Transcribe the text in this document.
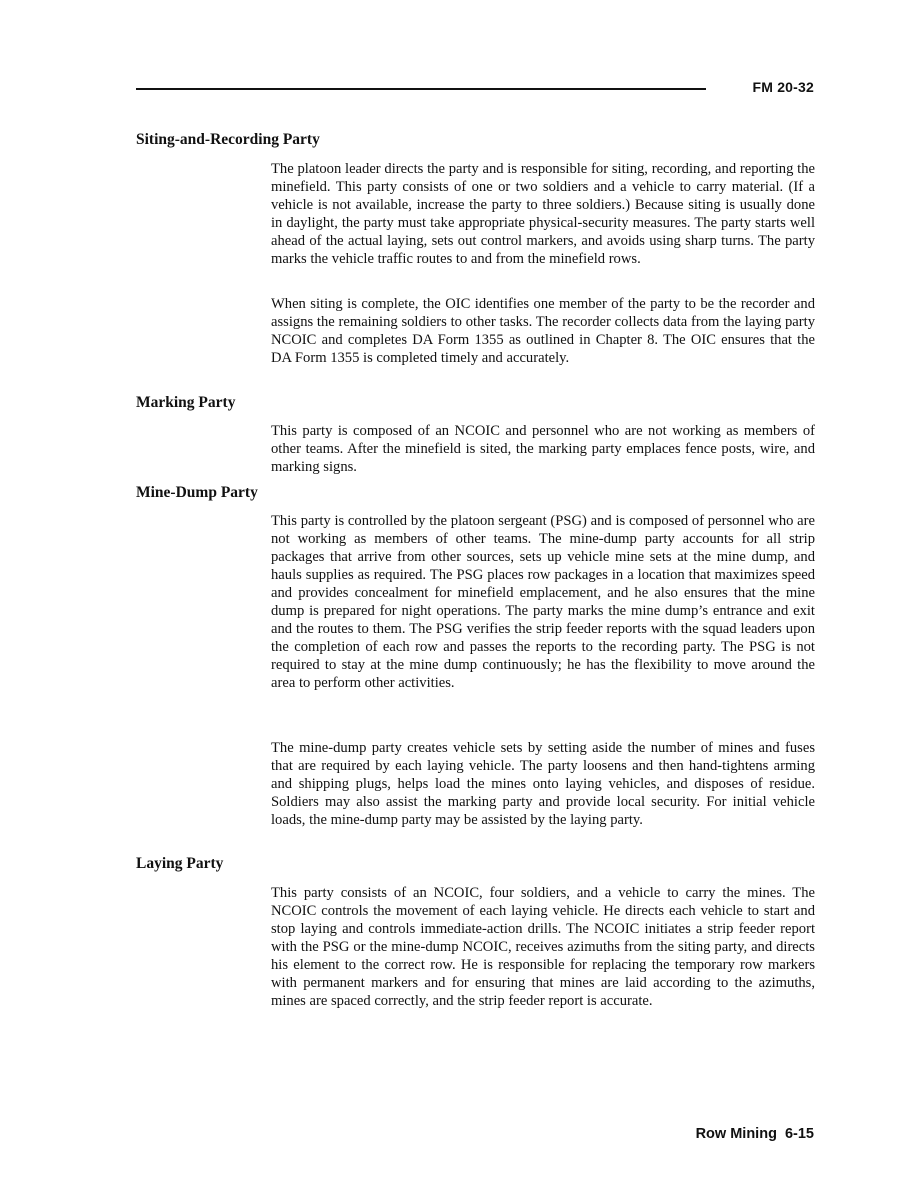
FM 20-32
Siting-and-Recording Party

The platoon leader directs the party and is responsible for siting, recording, and reporting the minefield. This party consists of one or two soldiers and a vehicle to carry material. (If a vehicle is not available, increase the party to three soldiers.) Because siting is usually done in daylight, the party must take appropriate physical-security measures. The party starts well ahead of the actual laying, sets out control markers, and avoids using sharp turns. The party marks the vehicle traffic routes to and from the minefield rows.

When siting is complete, the OIC identifies one member of the party to be the recorder and assigns the remaining soldiers to other tasks. The recorder collects data from the laying party NCOIC and completes DA Form 1355 as outlined in Chapter 8. The OIC ensures that the DA Form 1355 is completed timely and accurately.

Marking Party

This party is composed of an NCOIC and personnel who are not working as members of other teams. After the minefield is sited, the marking party emplaces fence posts, wire, and marking signs.

Mine-Dump Party

This party is controlled by the platoon sergeant (PSG) and is composed of personnel who are not working as members of other teams. The mine-dump party accounts for all strip packages that arrive from other sources, sets up vehicle mine sets at the mine dump, and hauls supplies as required. The PSG places row packages in a location that maximizes speed and provides concealment for minefield emplacement, and he also ensures that the mine dump is prepared for night operations. The party marks the mine dump’s entrance and exit and the routes to them. The PSG verifies the strip feeder reports with the squad leaders upon the completion of each row and passes the reports to the recording party. The PSG is not required to stay at the mine dump continuously; he has the flexibility to move around the area to perform other activities.

The mine-dump party creates vehicle sets by setting aside the number of mines and fuses that are required by each laying vehicle. The party loosens and then hand-tightens arming and shipping plugs, helps load the mines onto laying vehicles, and disposes of residue. Soldiers may also assist the marking party and provide local security. For initial vehicle loads, the mine-dump party may be assisted by the laying party.

Laying Party

This party consists of an NCOIC, four soldiers, and a vehicle to carry the mines. The NCOIC controls the movement of each laying vehicle. He directs each vehicle to start and stop laying and controls immediate-action drills. The NCOIC initiates a strip feeder report with the PSG or the mine-dump NCOIC, receives azimuths from the siting party, and directs his element to the correct row. He is responsible for replacing the temporary row markers with permanent markers and for ensuring that mines are laid according to the azimuths, mines are spaced correctly, and the strip feeder report is accurate.

Row Mining  6-15
